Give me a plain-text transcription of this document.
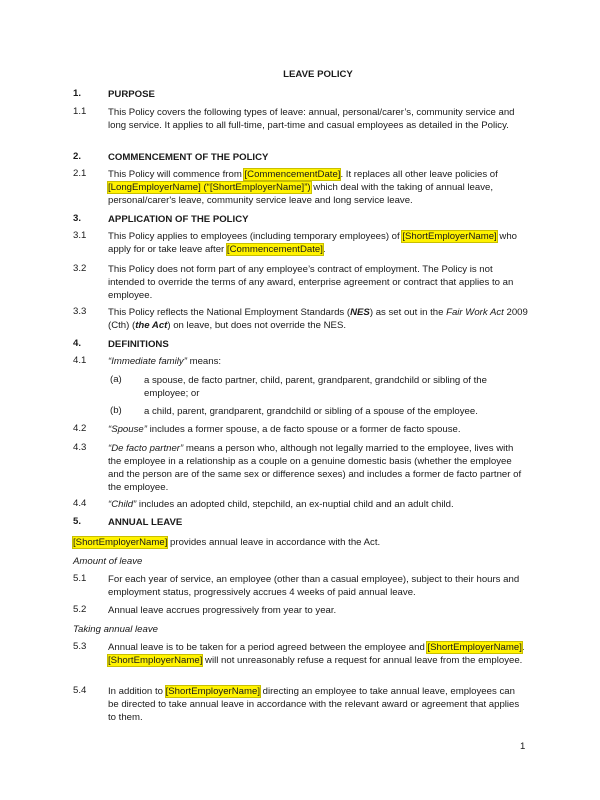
LEAVE POLICY
1.	PURPOSE
1.1 This Policy covers the following types of leave: annual, personal/carer’s, community service and long service. It applies to all full-time, part-time and casual employees as detailed in the Policy.

2.	COMMENCEMENT OF THE POLICY
2.1 This Policy will commence from [CommencementDate]. It replaces all other leave policies of [LongEmployerName] (“[ShortEmployerName]”) which deal with the taking of annual leave, personal/carer's leave, community service leave and long service leave.

3.	APPLICATION OF THE POLICY
3.1 This Policy applies to employees (including temporary employees) of [ShortEmployerName] who apply for or take leave after [CommencementDate].

3.2 This Policy does not form part of any employee’s contract of employment. The Policy is not intended to override the terms of any award, enterprise agreement or contract that applies to an employee.

3.3 This Policy reflects the National Employment Standards (NES) as set out in the Fair Work Act 2009 (Cth) (the Act) on leave, but does not override the NES.

4.	DEFINITIONS
4.1 “Immediate family” means:

(a) a spouse, de facto partner, child, parent, grandparent, grandchild or sibling of the employee; or

(b) a child, parent, grandparent, grandchild or sibling of a spouse of the employee.

4.2 “Spouse” includes a former spouse, a de facto spouse or a former de facto spouse.

4.3 “De facto partner” means a person who, although not legally married to the employee, lives with the employee in a relationship as a couple on a genuine domestic basis (whether the employee and the person are of the same sex or difference sexes) and includes a former de facto partner of the employee.

4.4 “Child” includes an adopted child, stepchild, an ex-nuptial child and an adult child.

5.	ANNUAL LEAVE

[ShortEmployerName] provides annual leave in accordance with the Act.

Amount of leave

5.1 For each year of service, an employee (other than a casual employee), subject to their hours and employment status, progressively accrues 4 weeks of paid annual leave.

5.2 Annual leave accrues progressively from year to year.

Taking annual leave

5.3 Annual leave is to be taken for a period agreed between the employee and [ShortEmployerName]. [ShortEmployerName] will not unreasonably refuse a request for annual leave from the employee.

5.4 In addition to [ShortEmployerName] directing an employee to take annual leave, employees can be directed to take annual leave in accordance with the relevant award or agreement that applies to them.

1
